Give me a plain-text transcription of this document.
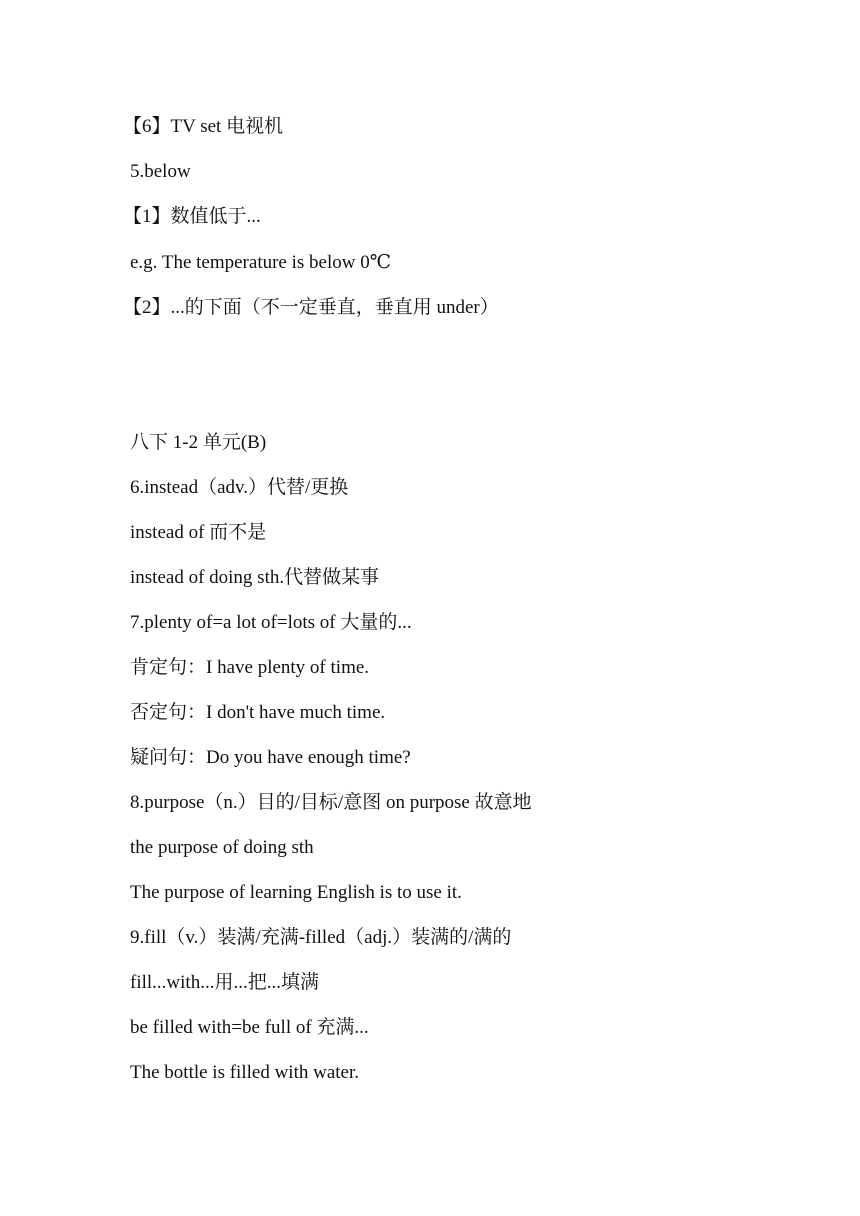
【6】TV set 电视机

5.below

【1】数值低于...

e.g. The temperature is below 0℃

【2】...的下面（不一定垂直，垂直用 under）

八下 1-2 单元(B)

6.instead（adv.）代替/更换

instead of 而不是

instead of doing sth.代替做某事

7.plenty of=a lot of=lots of 大量的...

肯定句：I have plenty of time.

否定句：I don't have much time.

疑问句：Do you have enough time?

8.purpose（n.）目的/目标/意图 on purpose 故意地

the purpose of doing sth

The purpose of learning English is to use it.

9.fill（v.）装满/充满-filled（adj.）装满的/满的

fill...with...用...把...填满

be filled with=be full of 充满...

The bottle is filled with water.
